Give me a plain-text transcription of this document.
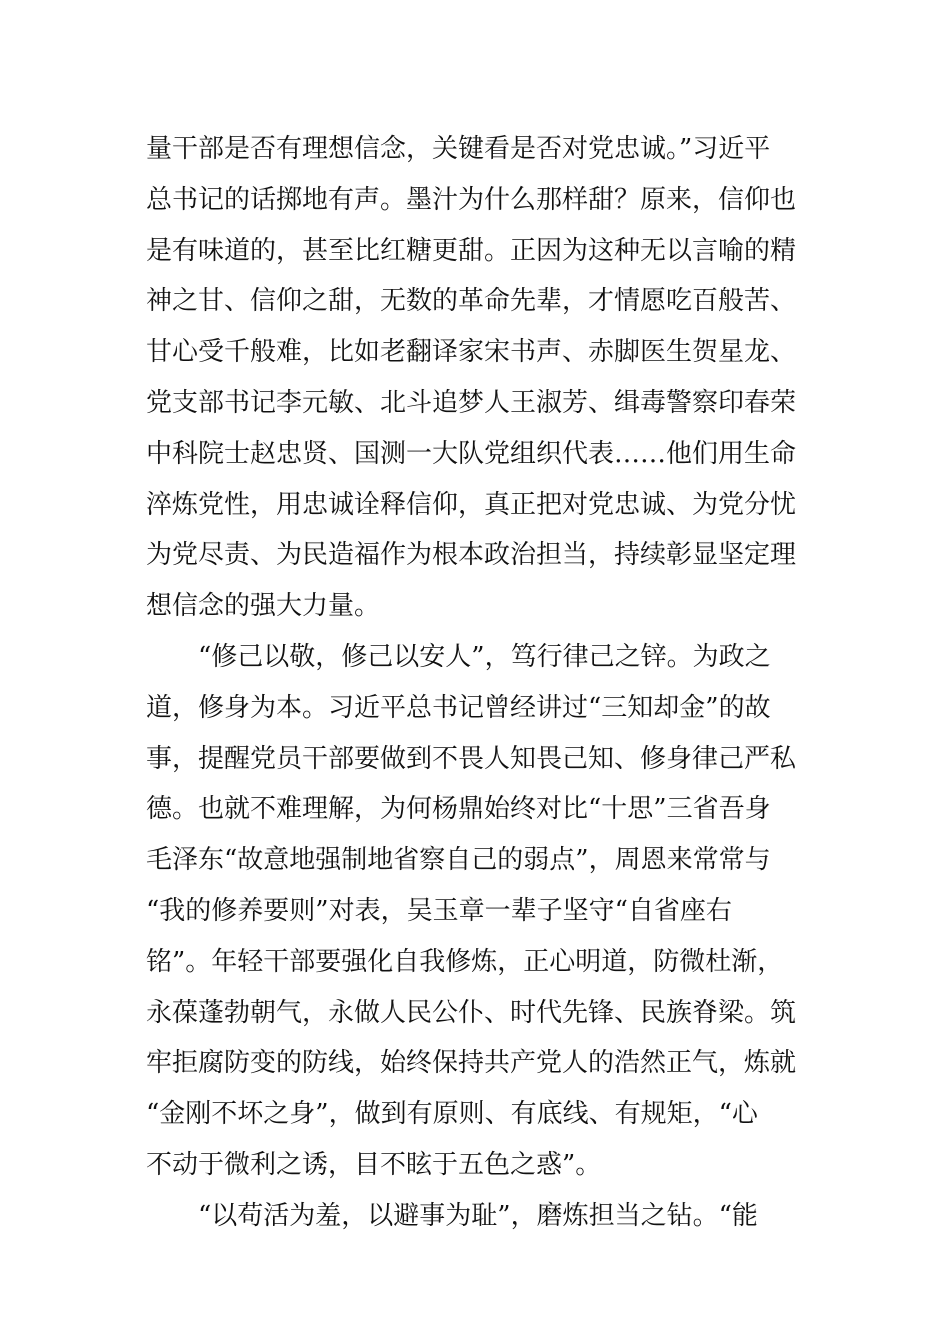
量干部是否有理想信念，关键看是否对党忠诚。”习近平
总书记的话掷地有声。墨汁为什么那样甜？原来，信仰也
是有味道的，甚至比红糖更甜。正因为这种无以言喻的精
神之甘、信仰之甜，无数的革命先辈，才情愿吃百般苦、
甘心受千般难，比如老翻译家宋书声、赤脚医生贺星龙、
党支部书记李元敏、北斗追梦人王淑芳、缉毒警察印春荣
中科院士赵忠贤、国测一大队党组织代表……他们用生命
淬炼党性，用忠诚诠释信仰，真正把对党忠诚、为党分忧
为党尽责、为民造福作为根本政治担当，持续彰显坚定理
想信念的强大力量。
　　“修己以敬，修己以安人”，笃行律己之锌。为政之
道，修身为本。习近平总书记曾经讲过“三知却金”的故
事，提醒党员干部要做到不畏人知畏己知、修身律己严私
德。也就不难理解，为何杨鼎始终对比“十思”三省吾身
毛泽东“故意地强制地省察自己的弱点”，周恩来常常与
“我的修养要则”对表，吴玉章一辈子坚守“自省座右
铭”。年轻干部要强化自我修炼，正心明道，防微杜渐，
永葆蓬勃朝气，永做人民公仆、时代先锋、民族脊梁。筑
牢拒腐防变的防线，始终保持共产党人的浩然正气，炼就
“金刚不坏之身”，做到有原则、有底线、有规矩，“心
不动于微利之诱，目不眩于五色之惑”。
　　“以苟活为羞，以避事为耻”，磨炼担当之钻。“能
